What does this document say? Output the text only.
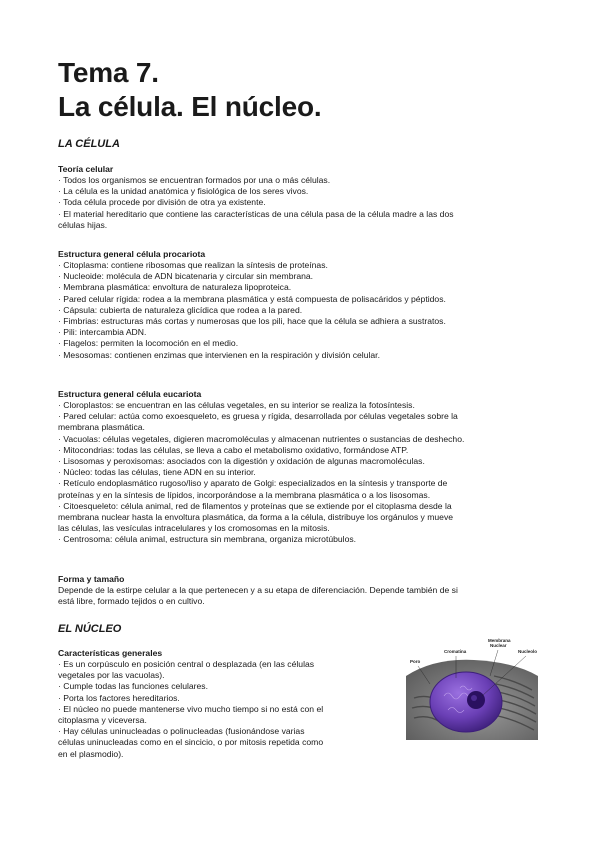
Tema 7.
La célula. El núcleo.
LA CÉLULA
Teoría celular
· Todos los organismos se encuentran formados por una o más células.
· La célula es la unidad anatómica y fisiológica de los seres vivos.
· Toda célula procede por división de otra ya existente.
· El material hereditario que contiene las características de una célula pasa de la célula madre a las dos
células hijas.
Estructura general célula procariota
· Citoplasma: contiene ribosomas que realizan la síntesis de proteínas.
· Nucleoide: molécula de ADN bicatenaria y circular sin membrana.
· Membrana plasmática: envoltura de naturaleza lipoproteica.
· Pared celular rígida: rodea a la membrana plasmática y está compuesta de polisacáridos y péptidos.
· Cápsula: cubierta de naturaleza glicídica que rodea a la pared.
· Fimbrias: estructuras más cortas y numerosas que los pili, hace que la célula se adhiera a sustratos.
· Pili: intercambia ADN.
· Flagelos: permiten la locomoción en el medio.
· Mesosomas: contienen enzimas que intervienen en la respiración y división celular.
Estructura general célula eucariota
· Cloroplastos: se encuentran en las células vegetales, en su interior se realiza la fotosíntesis.
· Pared celular: actúa como exoesqueleto, es gruesa y rígida, desarrollada por células vegetales sobre la
membrana plasmática.
· Vacuolas: células vegetales, digieren macromoléculas y almacenan nutrientes o sustancias de deshecho.
· Mitocondrias: todas las células, se lleva a cabo el metabolismo oxidativo, formándose ATP.
· Lisosomas y peroxisomas: asociados con la digestión y oxidación de algunas macromoléculas.
· Núcleo: todas las células, tiene ADN en su interior.
· Retículo endoplasmático rugoso/liso y aparato de Golgi: especializados en la síntesis y transporte de
proteínas y en la síntesis de lípidos, incorporándose a la membrana plasmática o a los lisosomas.
· Citoesqueleto: célula animal, red de filamentos y proteínas que se extiende por el citoplasma desde la
membrana nuclear hasta la envoltura plasmática, da forma a la célula, distribuye los orgánulos y mueve
las células, las vesículas intracelulares y los cromosomas en la mitosis.
· Centrosoma: célula animal, estructura sin membrana, organiza microtúbulos.
Forma y tamaño
Depende de la estirpe celular a la que pertenecen y a su etapa de diferenciación. Depende también de si
está libre, formado tejidos o en cultivo.
EL NÚCLEO
Características generales
· Es un corpúsculo en posición central o desplazada (en las células
vegetales por las vacuolas).
· Cumple todas las funciones celulares.
· Porta los factores hereditarios.
· El núcleo no puede mantenerse vivo mucho tiempo si no está con el
citoplasma y viceversa.
· Hay células uninucleadas o polinucleadas (fusionándose varias
células uninucleadas como en el sincicio, o por mitosis repetida como
en el plasmodio).
Poro
Cromatina
Membrana
Nuclear
Nucleolo
